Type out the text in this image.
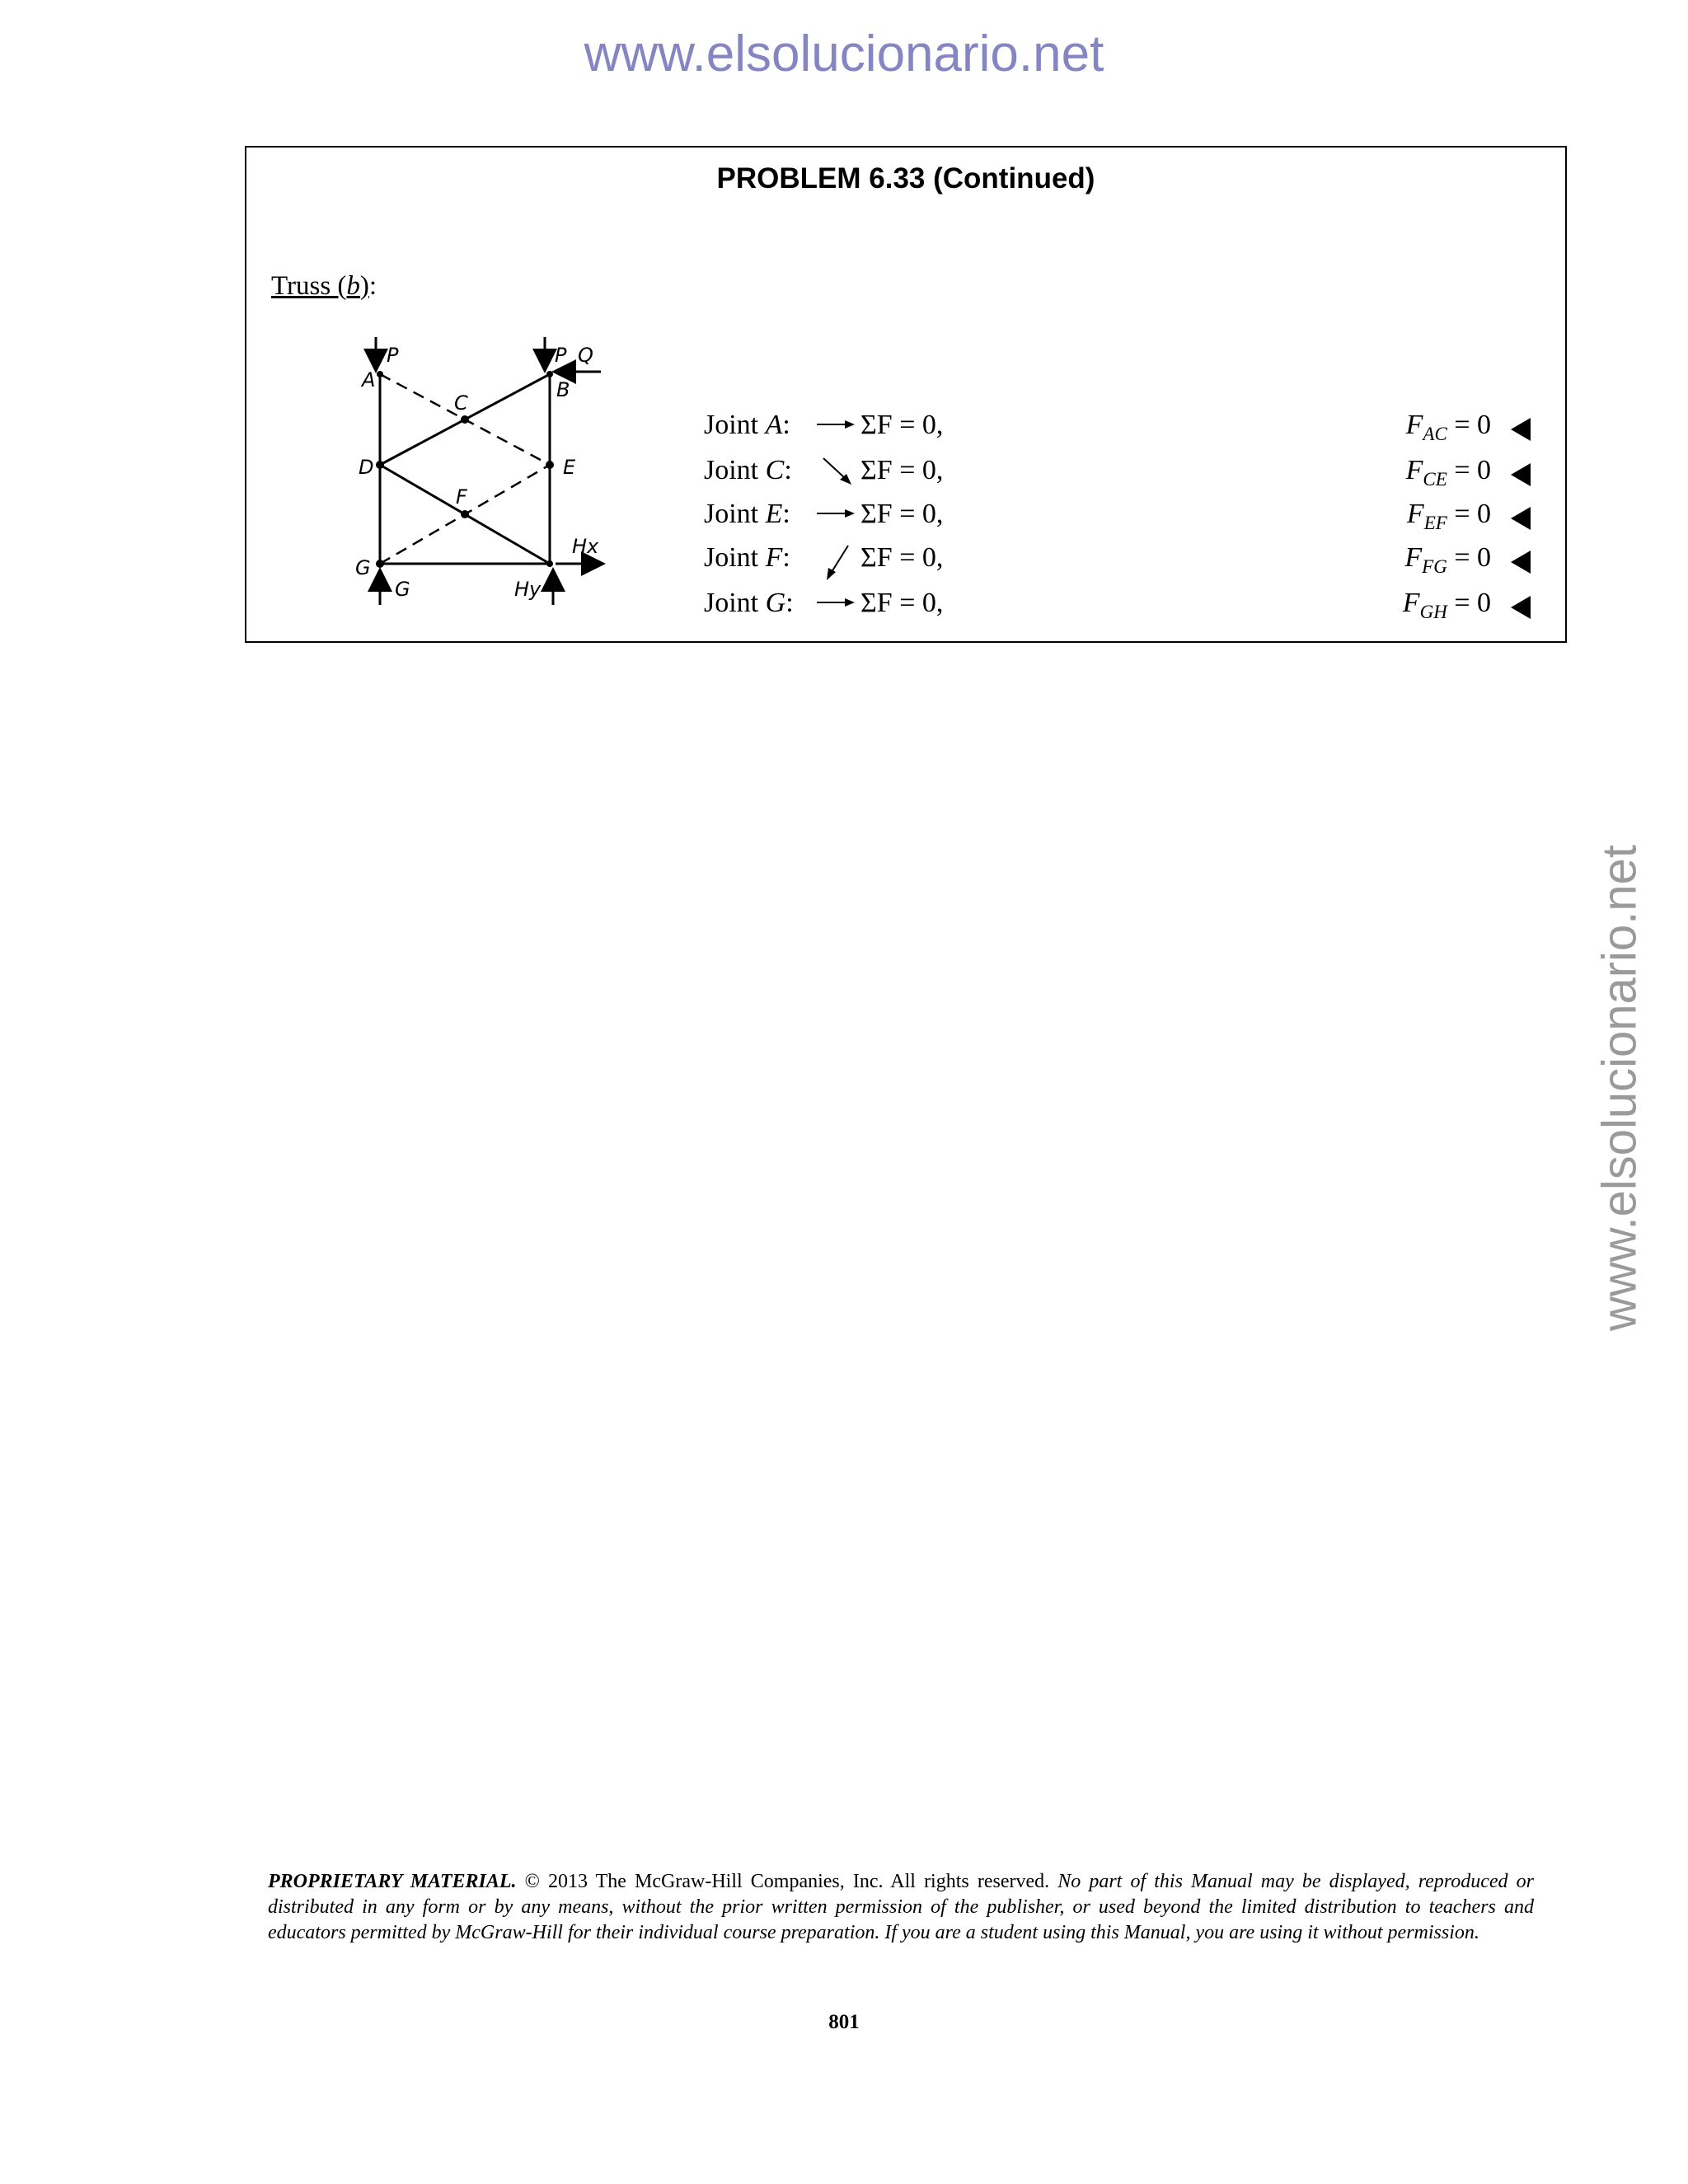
www.elsolucionario.net
www.elsolucionario.net
PROBLEM 6.33 (Continued)
Truss (b):
P	P Q
A	B
C
D	E
F
G
G
Hx
Hy
Joint A:	ΣF = 0,	$F_{AC} = 0$
Joint C: ΣF = 0,	$F_{CE} = 0$
Joint E:	ΣF = 0,	$F_{EF} = 0$
Joint F:	ΣF = 0,	$F_{FG} = 0$
Joint G: ΣF = 0,	$F_{GH} = 0$
PROPRIETARY MATERIAL. © 2013 The McGraw-Hill Companies, Inc. All rights reserved. No part of this Manual may be displayed, reproduced or distributed in any form or by any means, without the prior written permission of the publisher, or used beyond the limited distribution to teachers and educators permitted by McGraw-Hill for their individual course preparation. If you are a student using this Manual, you are using it without permission.
801
